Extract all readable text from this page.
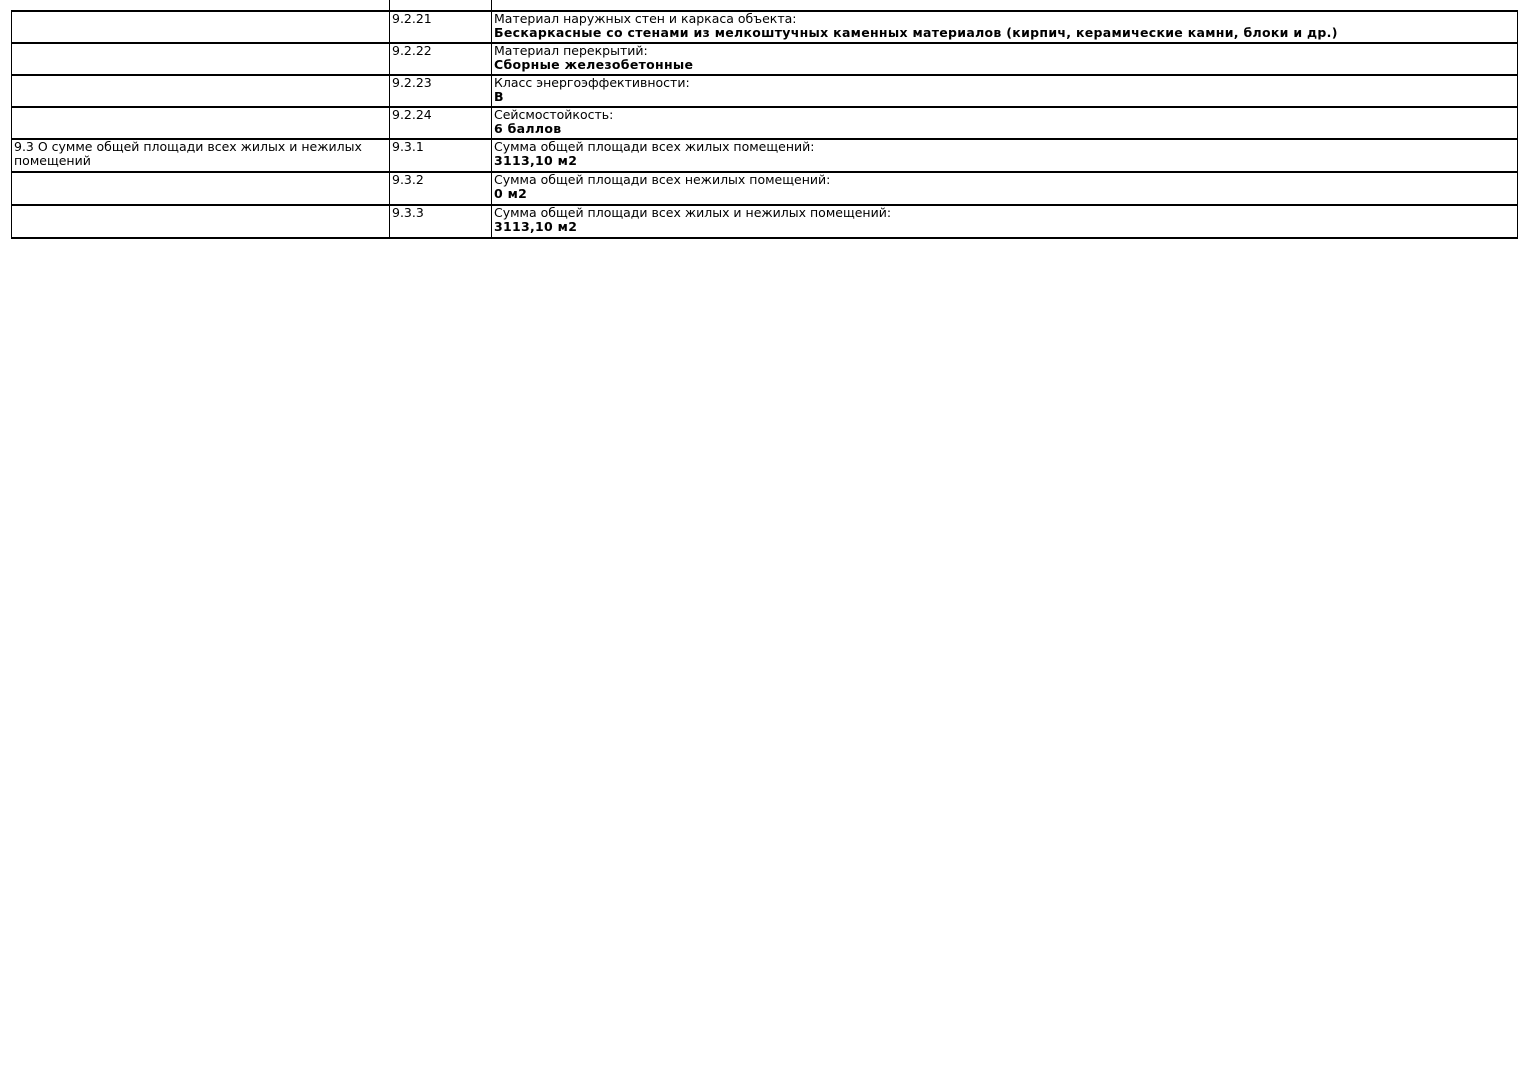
	9.2.21	Материал наружных стен и каркаса объекта:
Бескаркасные со стенами из мелкоштучных каменных материалов (кирпич, керамические камни, блоки и др.)

	9.2.22	Материал перекрытий:
Сборные железобетонные

	9.2.23	Класс энергоэффективности:
В

	9.2.24	Сейсмостойкость:
6 баллов

9.3 О сумме общей площади всех жилых и нежилых помещений	9.3.1	Сумма общей площади всех жилых помещений:
3113,10 м2

	9.3.2	Сумма общей площади всех нежилых помещений:
0 м2

	9.3.3	Сумма общей площади всех жилых и нежилых помещений:
3113,10 м2
